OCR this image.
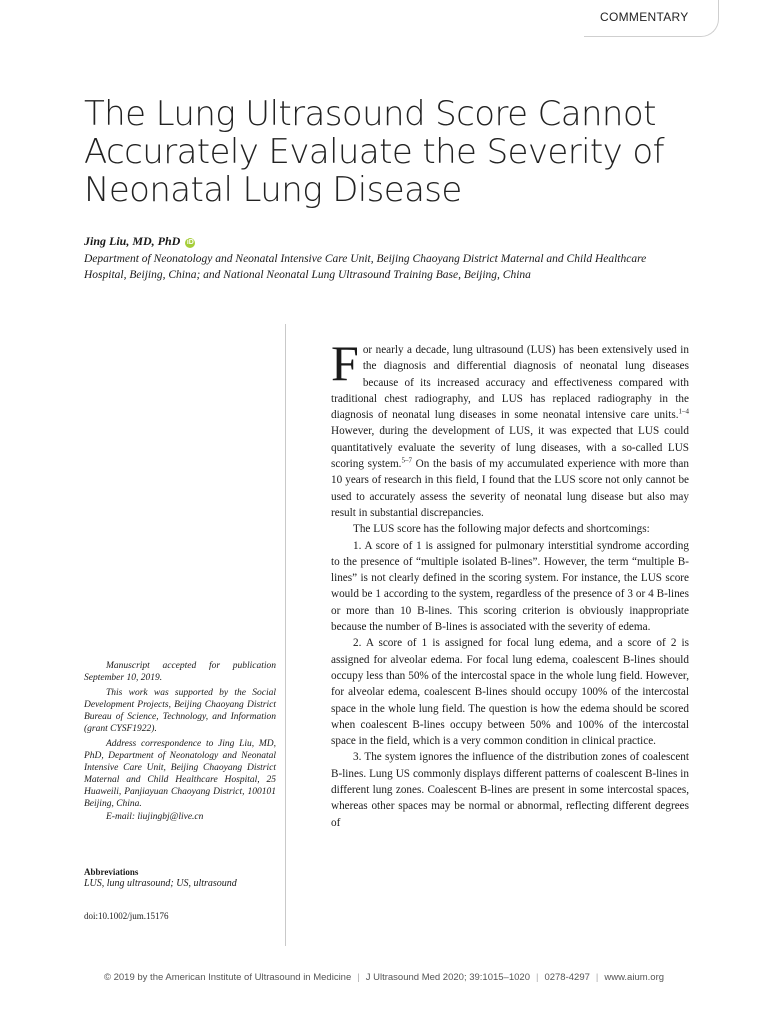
COMMENTARY
The Lung Ultrasound Score Cannot Accurately Evaluate the Severity of Neonatal Lung Disease
Jing Liu, MD, PhD iD
Department of Neonatology and Neonatal Intensive Care Unit, Beijing Chaoyang District Maternal and Child Healthcare Hospital, Beijing, China; and National Neonatal Lung Ultrasound Training Base, Beijing, China

Manuscript accepted for publication September 10, 2019.

This work was supported by the Social Development Projects, Beijing Chaoyang District Bureau of Science, Technology, and Information (grant CYSF1922).

Address correspondence to Jing Liu, MD, PhD, Department of Neonatology and Neonatal Intensive Care Unit, Beijing Chaoyang District Maternal and Child Healthcare Hospital, 25 Huaweili, Panjiayuan Chaoyang District, 100101 Beijing, China.

E-mail: liujingbj@live.cn

Abbreviations
LUS, lung ultrasound; US, ultrasound
doi:10.1002/jum.15176

For nearly a decade, lung ultrasound (LUS) has been extensively used in the diagnosis and differential diagnosis of neonatal lung diseases because of its increased accuracy and effectiveness compared with traditional chest radiography, and LUS has replaced radiography in the diagnosis of neonatal lung diseases in some neonatal intensive care units.$^{1-4}$ However, during the development of LUS, it was expected that LUS could quantitatively evaluate the severity of lung diseases, with a so-called LUS scoring system.$^{5-7}$ On the basis of my accumulated experience with more than 10 years of research in this field, I found that the LUS score not only cannot be used to accurately assess the severity of neonatal lung disease but also may result in substantial discrepancies.

The LUS score has the following major defects and shortcomings:

1. A score of 1 is assigned for pulmonary interstitial syndrome according to the presence of “multiple isolated B-lines”. However, the term “multiple B-lines” is not clearly defined in the scoring system. For instance, the LUS score would be 1 according to the system, regardless of the presence of 3 or 4 B-lines or more than 10 B-lines. This scoring criterion is obviously inappropriate because the number of B-lines is associated with the severity of edema.

2. A score of 1 is assigned for focal lung edema, and a score of 2 is assigned for alveolar edema. For focal lung edema, coalescent B-lines should occupy less than 50% of the intercostal space in the whole lung field. However, for alveolar edema, coalescent B-lines should occupy 100% of the intercostal space in the whole lung field. The question is how the edema should be scored when coalescent B-lines occupy between 50% and 100% of the intercostal space in the field, which is a very common condition in clinical practice.

3. The system ignores the influence of the distribution zones of coalescent B-lines. Lung US commonly displays different patterns of coalescent B-lines in different lung zones. Coalescent B-lines are present in some intercostal spaces, whereas other spaces may be normal or abnormal, reflecting different degrees of

© 2019 by the American Institute of Ultrasound in Medicine | J Ultrasound Med 2020; 39:1015–1020 | 0278-4297 | www.aium.org
